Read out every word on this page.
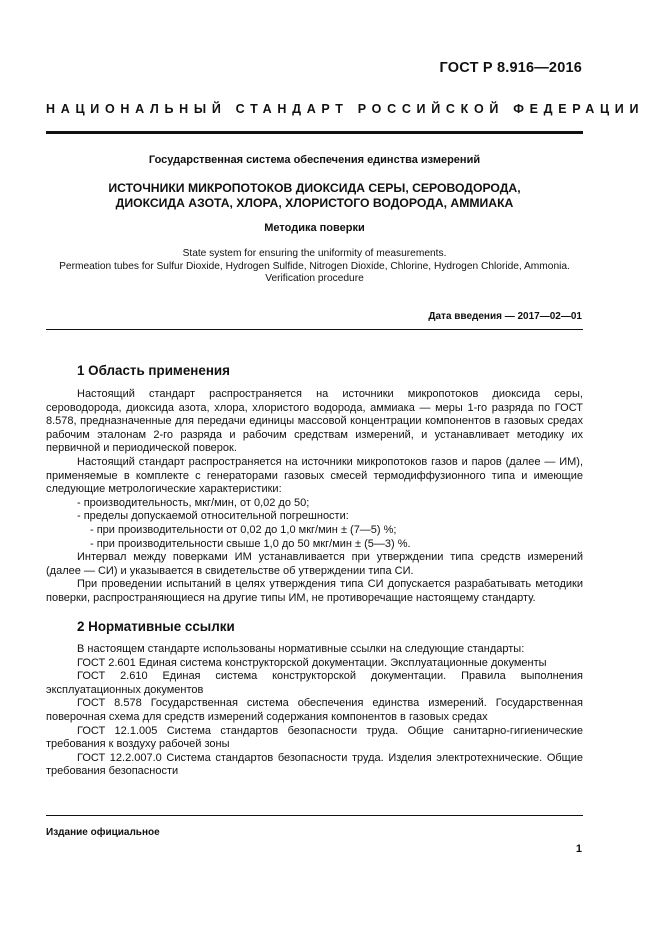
ГОСТ Р 8.916—2016
НАЦИОНАЛЬНЫЙ СТАНДАРТ РОССИЙСКОЙ ФЕДЕРАЦИИ
Государственная система обеспечения единства измерений
ИСТОЧНИКИ МИКРОПОТОКОВ ДИОКСИДА СЕРЫ, СЕРОВОДОРОДА,
ДИОКСИДА АЗОТА, ХЛОРА, ХЛОРИСТОГО ВОДОРОДА, АММИАКА
Методика поверки
State system for ensuring the uniformity of measurements.
Permeation tubes for Sulfur Dioxide, Hydrogen Sulfide, Nitrogen Dioxide, Chlorine, Hydrogen Chloride, Ammonia.
Verification procedure
Дата введения — 2017—02—01
1 Область применения

Настоящий стандарт распространяется на источники микропотоков диоксида серы, сероводорода, диоксида азота, хлора, хлористого водорода, аммиака — меры 1-го разряда по ГОСТ 8.578, предназначенные для передачи единицы массовой концентрации компонентов в газовых средах рабочим эталонам 2-го разряда и рабочим средствам измерений, и устанавливает методику их первичной и периодической поверок.

Настоящий стандарт распространяется на источники микропотоков газов и паров (далее — ИМ), применяемые в комплекте с генераторами газовых смесей термодиффузионного типа и имеющие следующие метрологические характеристики:

- производительность, мкг/мин, от 0,02 до 50;

- пределы допускаемой относительной погрешности:

- при производительности от 0,02 до 1,0 мкг/мин ± (7—5) %;

- при производительности свыше 1,0 до 50 мкг/мин ± (5—3) %.

Интервал между поверками ИМ устанавливается при утверждении типа средств измерений (далее — СИ) и указывается в свидетельстве об утверждении типа СИ.

При проведении испытаний в целях утверждения типа СИ допускается разрабатывать методики поверки, распространяющиеся на другие типы ИМ, не противоречащие настоящему стандарту.

2 Нормативные ссылки

В настоящем стандарте использованы нормативные ссылки на следующие стандарты:

ГОСТ 2.601 Единая система конструкторской документации. Эксплуатационные документы

ГОСТ 2.610 Единая система конструкторской документации. Правила выполнения эксплуатационных документов

ГОСТ 8.578 Государственная система обеспечения единства измерений. Государственная поверочная схема для средств измерений содержания компонентов в газовых средах

ГОСТ 12.1.005 Система стандартов безопасности труда. Общие санитарно-гигиенические требования к воздуху рабочей зоны

ГОСТ 12.2.007.0 Система стандартов безопасности труда. Изделия электротехнические. Общие требования безопасности

Издание официальное
1
